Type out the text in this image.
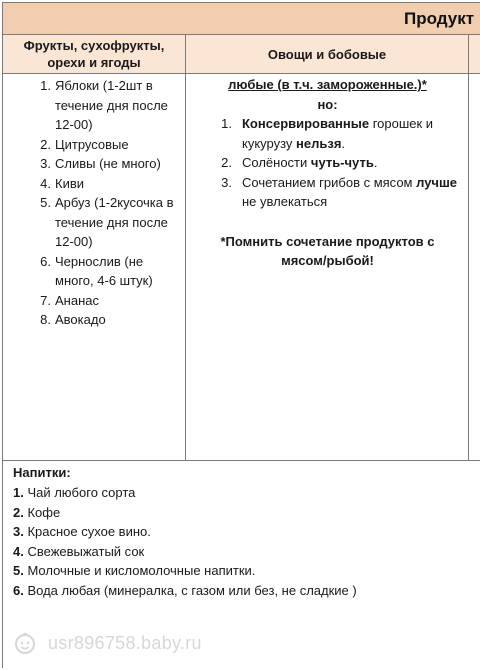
Продукт
Фрукты, сухофрукты, орехи и ягоды
Овощи и бобовые
1. Яблоки (1-2шт в течение дня после 12-00)
2. Цитрусовые
3. Сливы (не много)
4. Киви
5. Арбуз (1-2кусочка в течение дня после 12-00)
6. Чернослив (не много, 4-6 штук)
7. Ананас
8. Авокадо
любые (в т.ч. замороженные.)*
но:
1. Консервированные горошек и кукурузу нельзя.
2. Солёности чуть-чуть.
3. Сочетанием грибов с мясом лучше не увлекаться
*Помнить сочетание продуктов с мясом/рыбой!
Напитки:
1. Чай любого сорта
2. Кофе
3. Красное сухое вино.
4. Свежевыжатый сок
5. Молочные и кисломолочные напитки.
6. Вода любая (минералка, с газом или без, не сладкие )
usr896758.baby.ru
